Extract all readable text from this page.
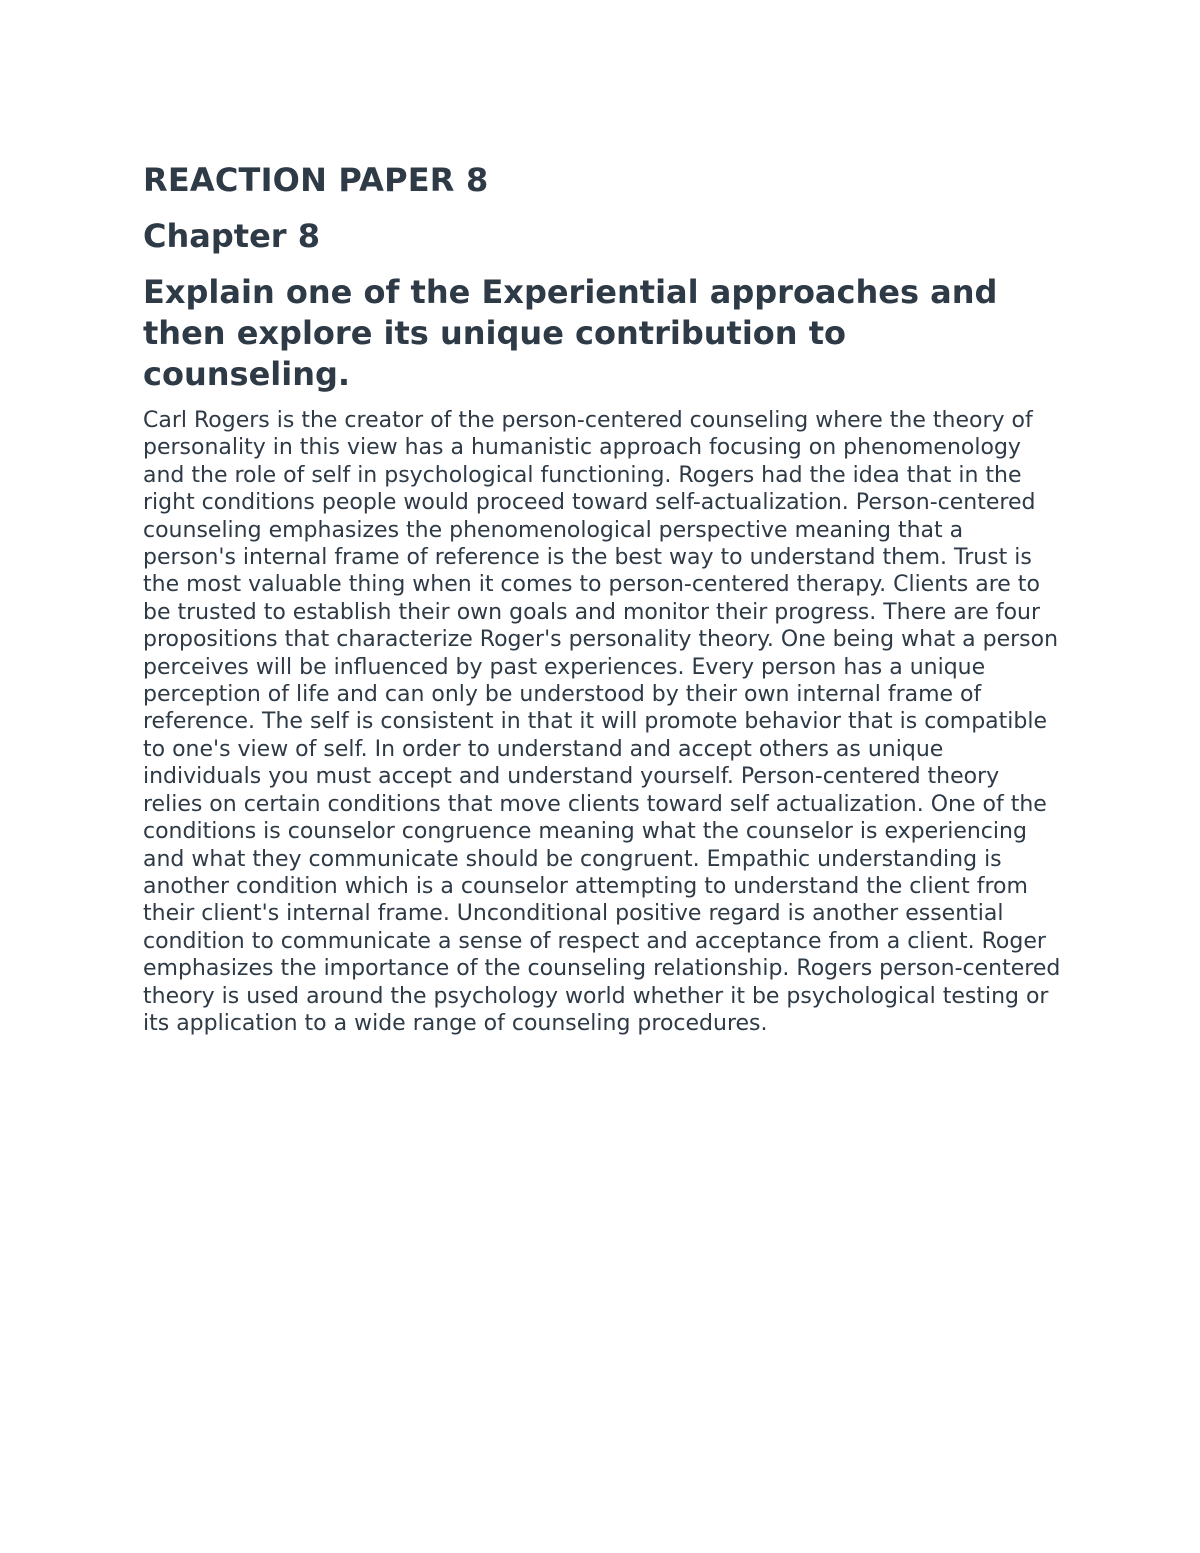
REACTION PAPER 8
Chapter 8
Explain one of the Experiential approaches and then explore its unique contribution to counseling.

Carl Rogers is the creator of the person-centered counseling where the theory of personality in this view has a humanistic approach focusing on phenomenology and the role of self in psychological functioning. Rogers had the idea that in the right conditions people would proceed toward self-actualization. Person-centered counseling emphasizes the phenomenological perspective meaning that a person's internal frame of reference is the best way to understand them. Trust is the most valuable thing when it comes to person-centered therapy. Clients are to be trusted to establish their own goals and monitor their progress. There are four propositions that characterize Roger's personality theory. One being what a person perceives will be influenced by past experiences. Every person has a unique perception of life and can only be understood by their own internal frame of reference. The self is consistent in that it will promote behavior that is compatible to one's view of self. In order to understand and accept others as unique individuals you must accept and understand yourself. Person-centered theory relies on certain conditions that move clients toward self actualization. One of the conditions is counselor congruence meaning what the counselor is experiencing and what they communicate should be congruent. Empathic understanding is another condition which is a counselor attempting to understand the client from their client's internal frame. Unconditional positive regard is another essential condition to communicate a sense of respect and acceptance from a client. Roger emphasizes the importance of the counseling relationship. Rogers person-centered theory is used around the psychology world whether it be psychological testing or its application to a wide range of counseling procedures.
